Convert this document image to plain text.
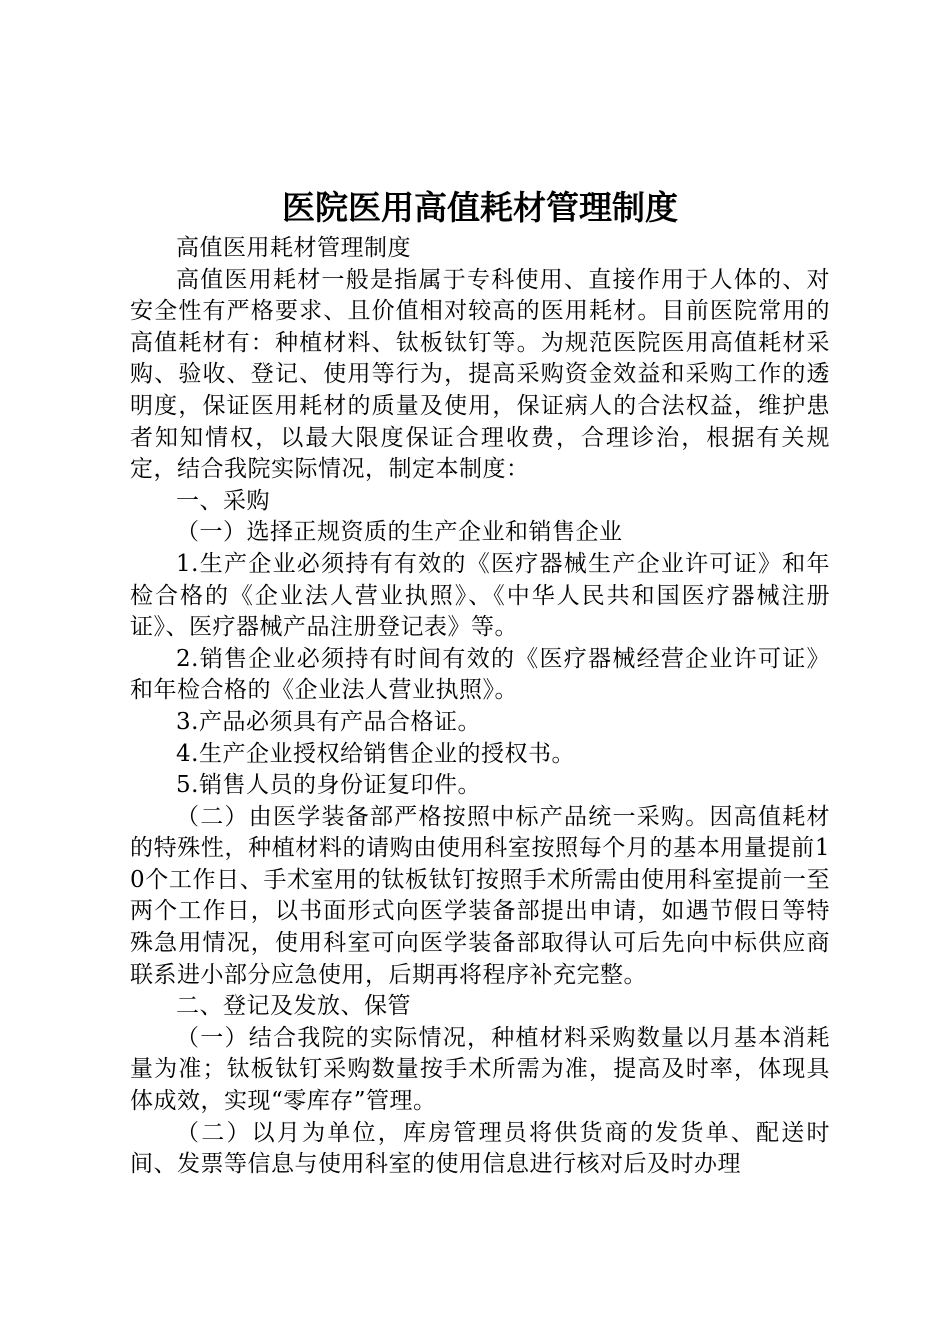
医院医用高值耗材管理制度

高值医用耗材管理制度

高值医用耗材一般是指属于专科使用、直接作用于人体的、对安全性有严格要求、且价值相对较高的医用耗材。目前医院常用的高值耗材有：种植材料、钛板钛钉等。为规范医院医用高值耗材采购、验收、登记、使用等行为，提高采购资金效益和采购工作的透明度，保证医用耗材的质量及使用，保证病人的合法权益，维护患者知知情权，以最大限度保证合理收费，合理诊治，根据有关规定，结合我院实际情况，制定本制度：

一、采购

（一）选择正规资质的生产企业和销售企业

1.生产企业必须持有有效的《医疗器械生产企业许可证》和年检合格的《企业法人营业执照》、《中华人民共和国医疗器械注册证》、医疗器械产品注册登记表》等。

2.销售企业必须持有时间有效的《医疗器械经营企业许可证》和年检合格的《企业法人营业执照》。

3.产品必须具有产品合格证。

4.生产企业授权给销售企业的授权书。

5.销售人员的身份证复印件。

（二）由医学装备部严格按照中标产品统一采购。因高值耗材的特殊性，种植材料的请购由使用科室按照每个月的基本用量提前10个工作日、手术室用的钛板钛钉按照手术所需由使用科室提前一至两个工作日，以书面形式向医学装备部提出申请，如遇节假日等特殊急用情况，使用科室可向医学装备部取得认可后先向中标供应商联系进小部分应急使用，后期再将程序补充完整。

二、登记及发放、保管

（一）结合我院的实际情况，种植材料采购数量以月基本消耗量为准；钛板钛钉采购数量按手术所需为准，提高及时率，体现具体成效，实现“零库存”管理。

（二）以月为单位，库房管理员将供货商的发货单、配送时间、发票等信息与使用科室的使用信息进行核对后及时办理
